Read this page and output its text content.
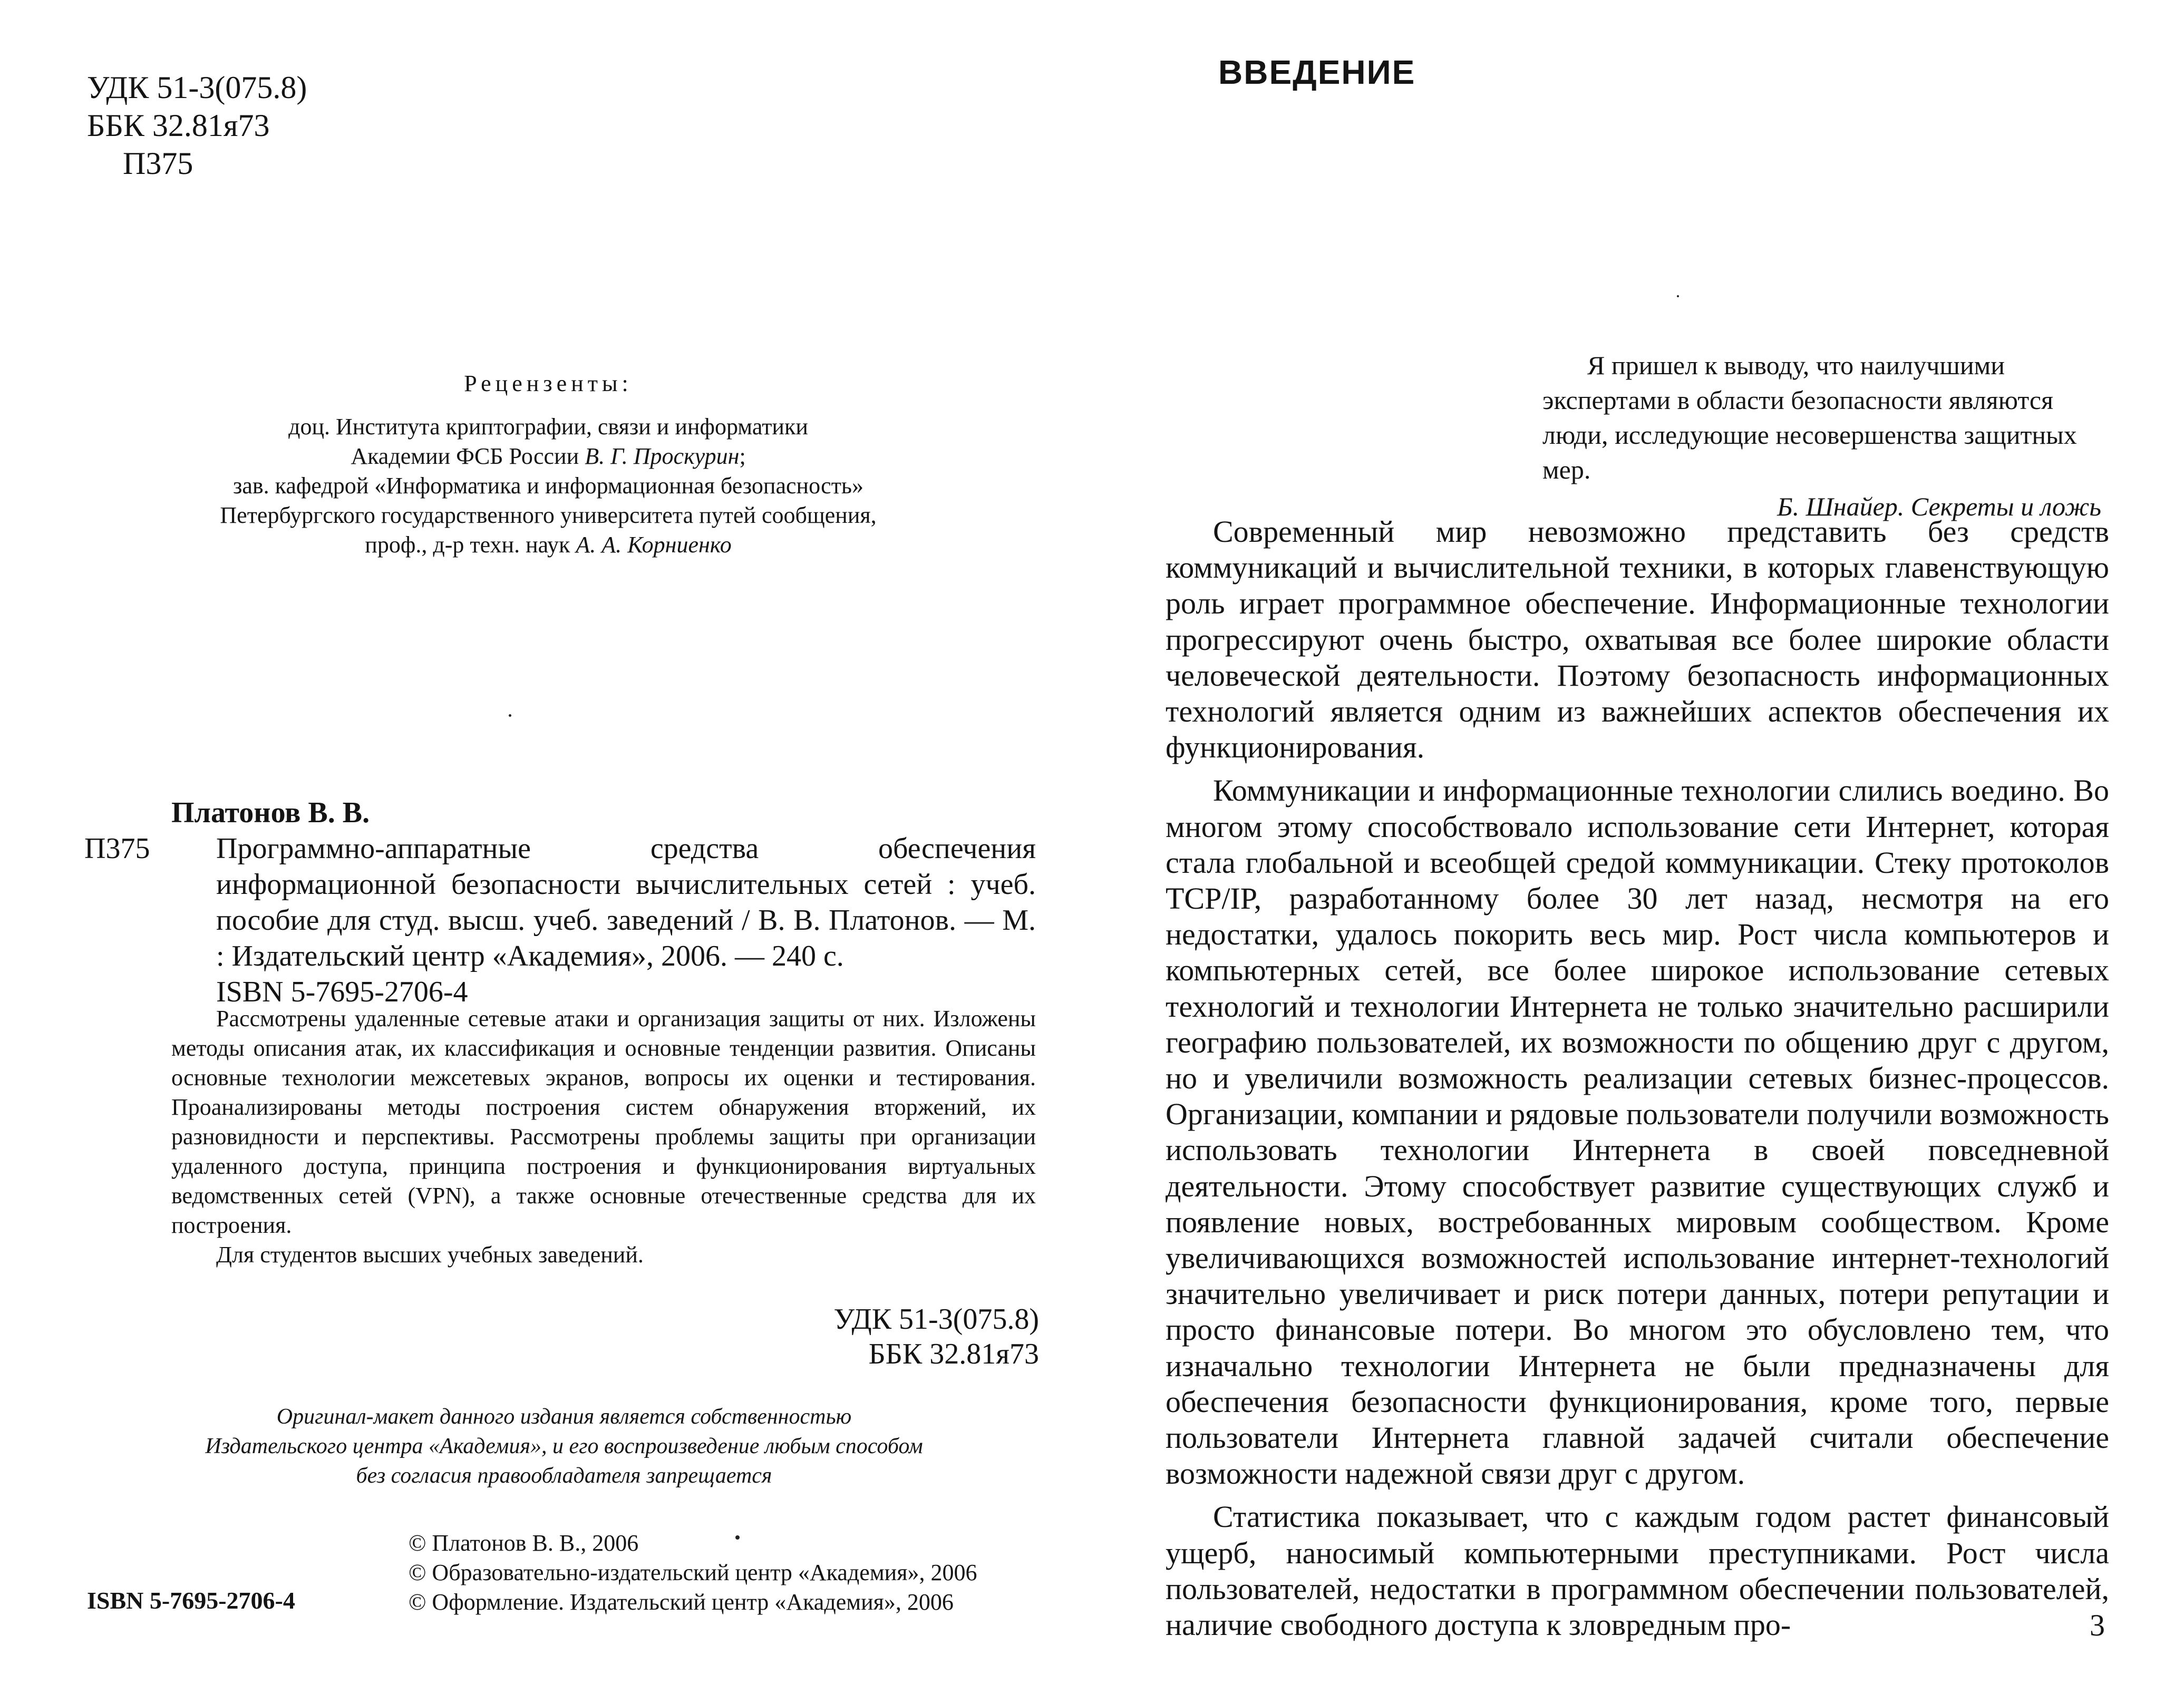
УДК 51-3(075.8)
ББК 32.81я73
П375
Рецензенты:
доц. Института криптографии, связи и информатики
Академии ФСБ России В. Г. Проскурин;
зав. кафедрой «Информатика и информационная безопасность»
Петербургского государственного университета путей сообщения,
проф., д-р техн. наук А. А. Корниенко
Платонов В. В.
П375	Программно-аппаратные средства обеспечения информационной безопасности вычислительных сетей : учеб. пособие для студ. высш. учеб. заведений / В. В. Платонов. — М. : Издательский центр «Академия», 2006. — 240 с.
ISBN 5-7695-2706-4

Рассмотрены удаленные сетевые атаки и организация защиты от них. Изложены методы описания атак, их классификация и основные тенденции развития. Описаны основные технологии межсетевых экранов, вопросы их оценки и тестирования. Проанализированы методы построения систем обнаружения вторжений, их разновидности и перспективы. Рассмотрены проблемы защиты при организации удаленного доступа, принципа построения и функционирования виртуальных ведомственных сетей (VPN), а также основные отечественные средства для их построения.

Для студентов высших учебных заведений.

УДК 51-3(075.8)
ББК 32.81я73
Оригинал-макет данного издания является собственностью
Издательского центра «Академия», и его воспроизведение любым способом
без согласия правообладателя запрещается
© Платонов В. В., 2006
© Образовательно-издательский центр «Академия», 2006
© Оформление. Издательский центр «Академия», 2006
ISBN 5-7695-2706-4
ВВЕДЕНИЕ
Я пришел к выводу, что наилучшими экспертами в области безопасности являются люди, исследующие несовершенства защитных мер.
Б. Шнайер. Секреты и ложь

Современный мир невозможно представить без средств коммуникаций и вычислительной техники, в которых главенствующую роль играет программное обеспечение. Информационные технологии прогрессируют очень быстро, охватывая все более широкие области человеческой деятельности. Поэтому безопасность информационных технологий является одним из важнейших аспектов обеспечения их функционирования.

Коммуникации и информационные технологии слились воедино. Во многом этому способствовало использование сети Интернет, которая стала глобальной и всеобщей средой коммуникации. Стеку протоколов TCP/IP, разработанному более 30 лет назад, несмотря на его недостатки, удалось покорить весь мир. Рост числа компьютеров и компьютерных сетей, все более широкое использование сетевых технологий и технологии Интернета не только значительно расширили географию пользователей, их возможности по общению друг с другом, но и увеличили возможность реализации сетевых бизнес-процессов. Организации, компании и рядовые пользователи получили возможность использовать технологии Интернета в своей повседневной деятельности. Этому способствует развитие существующих служб и появление новых, востребованных мировым сообществом. Кроме увеличивающихся возможностей использование интернет-технологий значительно увеличивает и риск потери данных, потери репутации и просто финансовые потери. Во многом это обусловлено тем, что изначально технологии Интернета не были предназначены для обеспечения безопасности функционирования, кроме того, первые пользователи Интернета главной задачей считали обеспечение возможности надежной связи друг с другом.

Статистика показывает, что с каждым годом растет финансовый ущерб, наносимый компьютерными преступниками. Рост числа пользователей, недостатки в программном обеспечении пользователей, наличие свободного доступа к зловредным про-	3
